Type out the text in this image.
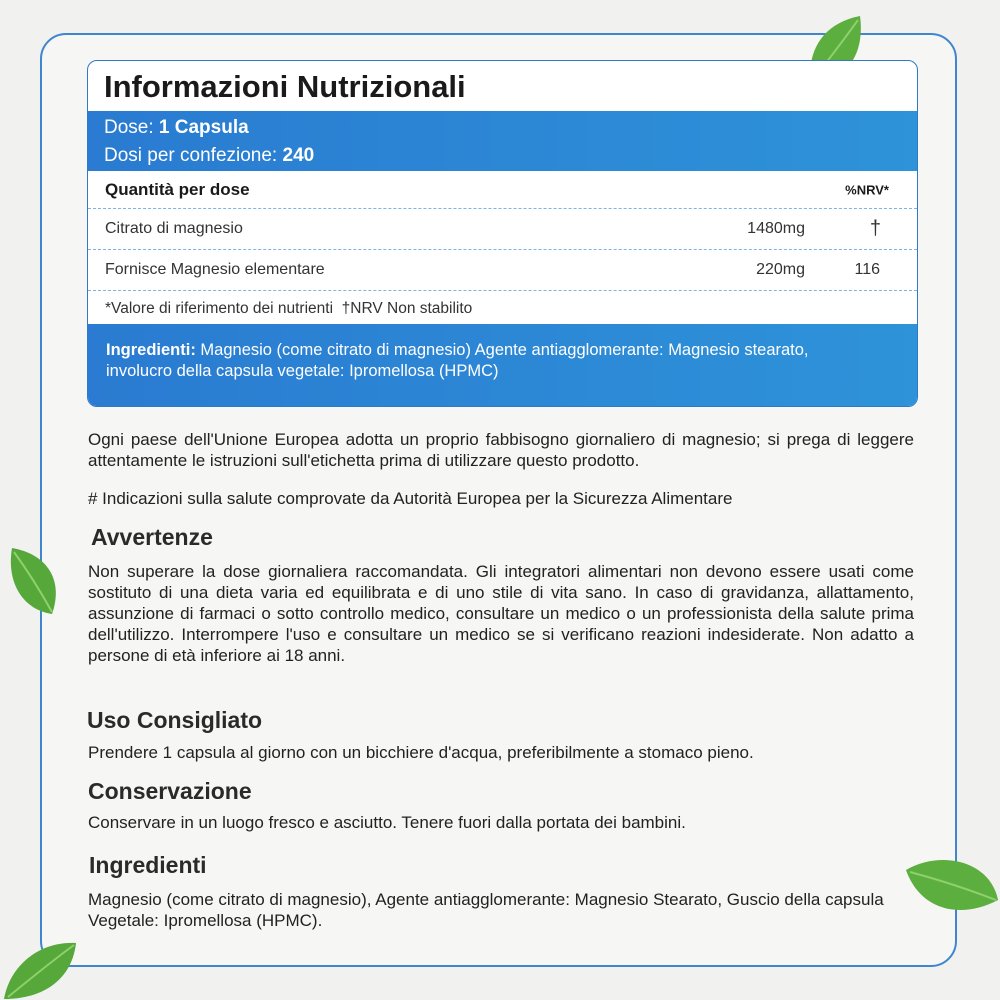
Informazioni Nutrizionali
Dose: 1 Capsula
Dosi per confezione: 240
Quantità per dose	%NRV*
Citrato di magnesio	1480mg	†
Fornisce Magnesio elementare	220mg	116
*Valore di riferimento dei nutrienti  †NRV Non stabilito
Ingredienti: Magnesio (come citrato di magnesio) Agente antiagglomerante: Magnesio stearato, involucro della capsula vegetale: Ipromellosa (HPMC)
Ogni paese dell'Unione Europea adotta un proprio fabbisogno giornaliero di magnesio; si prega di leggere attentamente le istruzioni sull'etichetta prima di utilizzare questo prodotto.
# Indicazioni sulla salute comprovate da Autorità Europea per la Sicurezza Alimentare
Avvertenze
Non superare la dose giornaliera raccomandata. Gli integratori alimentari non devono essere usati come sostituto di una dieta varia ed equilibrata e di uno stile di vita sano. In caso di gravidanza, allattamento, assunzione di farmaci o sotto controllo medico, consultare un medico o un professionista della salute prima dell'utilizzo. Interrompere l'uso e consultare un medico se si verificano reazioni indesiderate. Non adatto a persone di età inferiore ai 18 anni.
Uso Consigliato
Prendere 1 capsula al giorno con un bicchiere d'acqua, preferibilmente a stomaco pieno.
Conservazione
Conservare in un luogo fresco e asciutto. Tenere fuori dalla portata dei bambini.
Ingredienti
Magnesio (come citrato di magnesio), Agente antiagglomerante: Magnesio Stearato, Guscio della capsula Vegetale: Ipromellosa (HPMC).
